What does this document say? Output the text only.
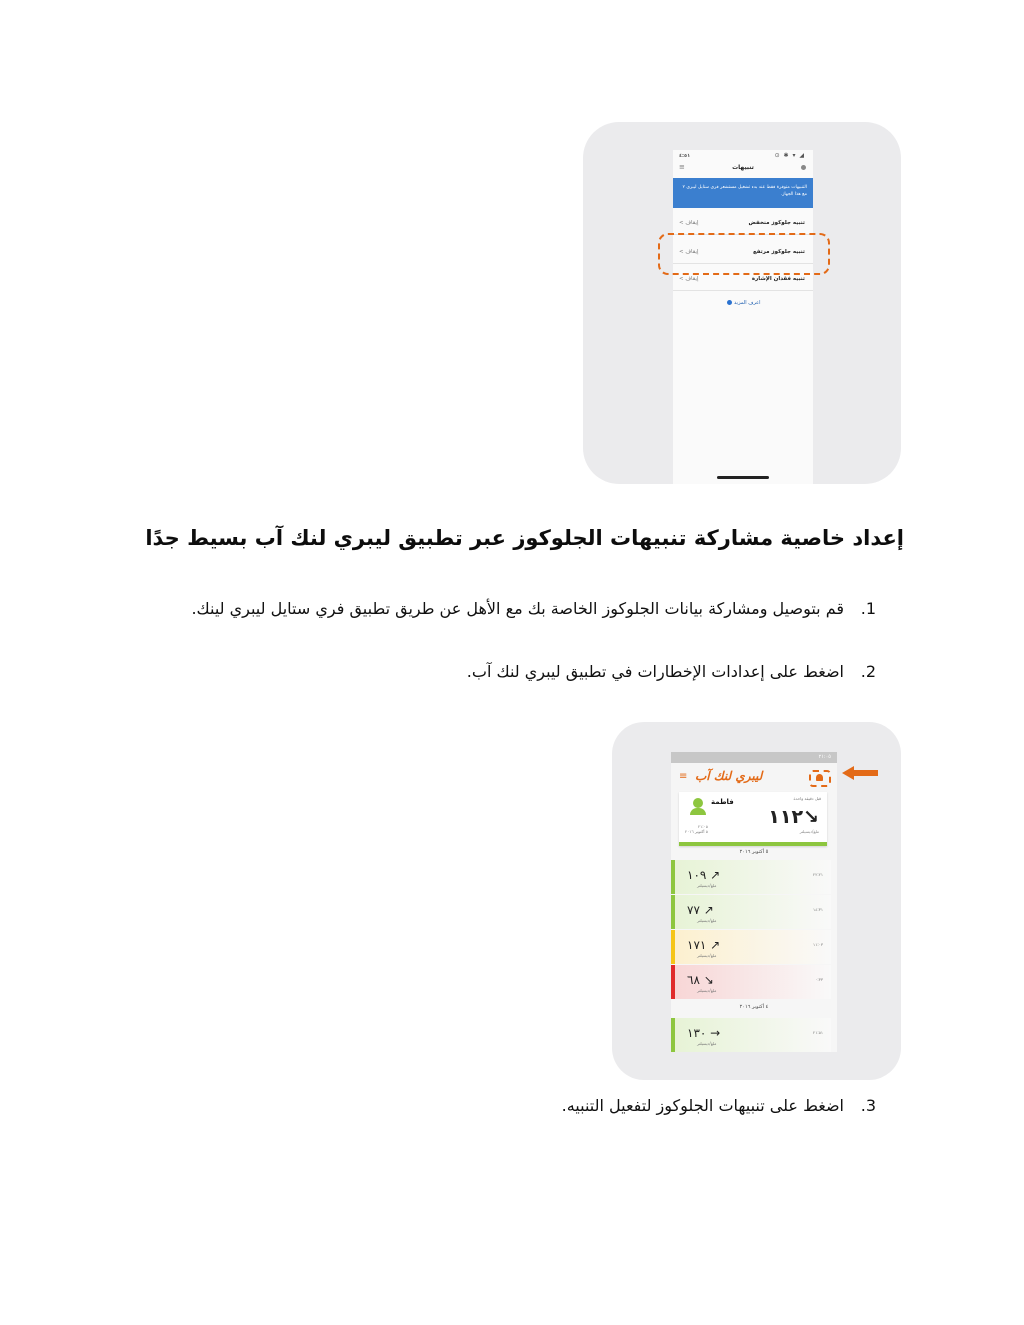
٤:٥١	⊙ ✱ ▾ ◢
≡	تنبيهات
التنبيهات متوفرة فقط عند بدء تشغيل مستشعر فري ستايل ليبري ٢ مع هذا الجهاز.
تنبيه جلوكوز منخفض
إيقاف >
تنبيه جلوكوز مرتفع
إيقاف >
تنبيه فقدان الإشارة
إيقاف >
اعرف المزيد
إعداد خاصية مشاركة تنبيهات الجلوكوز عبر تطبيق ليبري لنك آب بسيط جدًا
1.قم بتوصيل ومشاركة بيانات الجلوكوز الخاصة بك مع الأهل عن طريق تطبيق فري ستايل ليبري لينك.
2.اضغط على إعدادات الإخطارات في تطبيق ليبري لنك آب.
٢١:٠٥
≡ ليبري لنك آب
فاطمة	قبل دقيقة واحدة
١١٢↘
ملغ/ديسيلتر
٢١:٠٥
٥ أكتوبر ٢٠١٦
٥ أكتوبر ٢٠١٦
١٠٩ ↗
ملغ/ديسيلتر
٢٢:٢١
٧٧ ↗
ملغ/ديسيلتر
١٤:٣١
١٧١ ↗
ملغ/ديسيلتر
١١:٠٣
٦٨ ↘
ملغ/ديسيلتر
٠:٣٣
٤ أكتوبر ٢٠١٦
١٣٠ →
ملغ/ديسيلتر
٢١:٥١
3.اضغط على تنبيهات الجلوكوز لتفعيل التنبيه.
